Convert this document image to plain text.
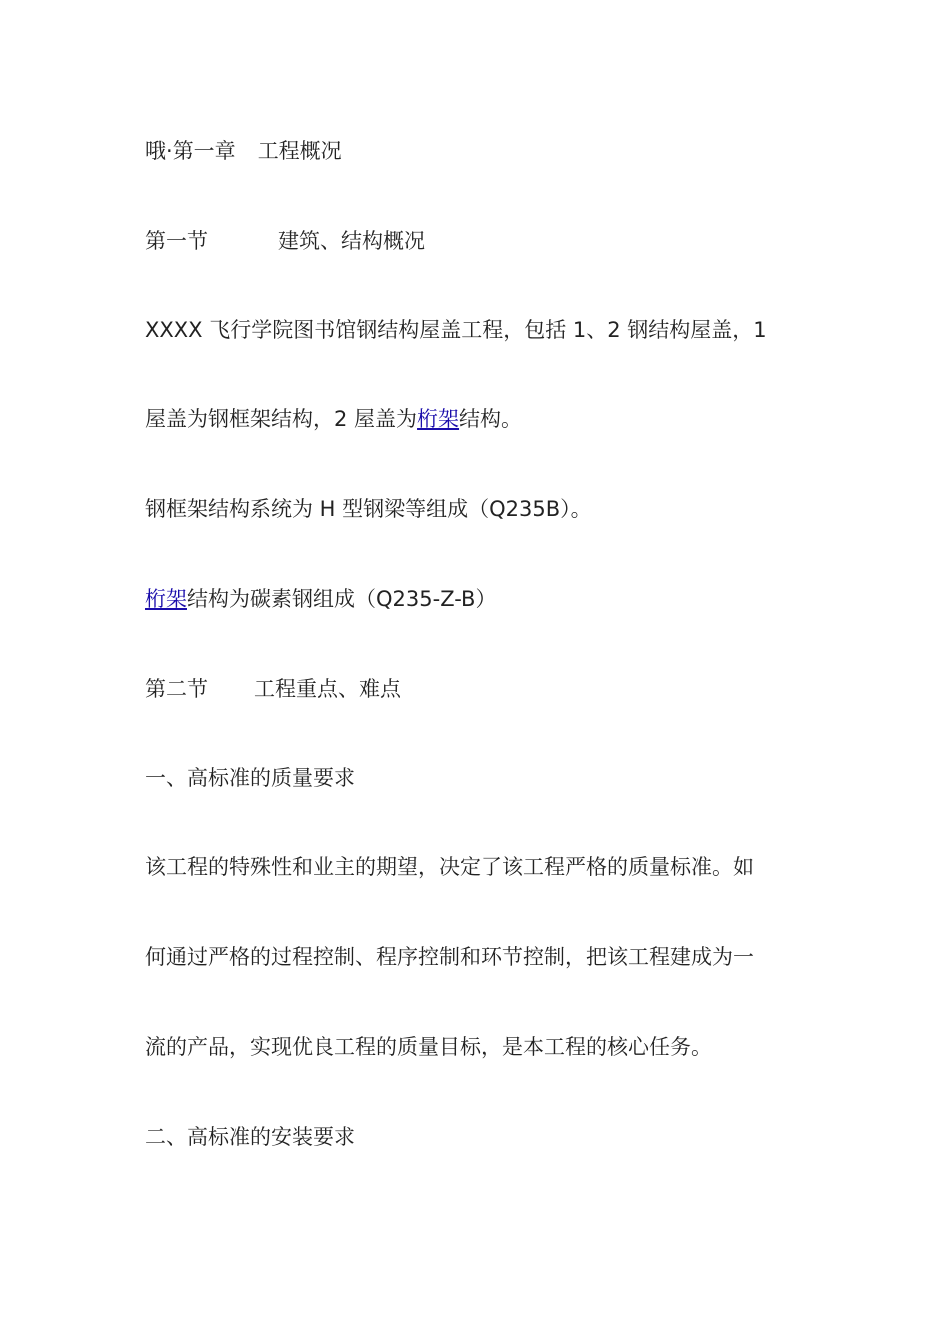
哦·第一章 工程概况
第一节	建筑、结构概况
XXXX 飞行学院图书馆钢结构屋盖工程，包括 1、2 钢结构屋盖，1
屋盖为钢框架结构，2 屋盖为桁架结构。
钢框架结构系统为 H 型钢梁等组成（Q235B）。
桁架结构为碳素钢组成（Q235-Z-B）
第二节 工程重点、难点
一、高标准的质量要求
该工程的特殊性和业主的期望，决定了该工程严格的质量标准。如
何通过严格的过程控制、程序控制和环节控制，把该工程建成为一
流的产品，实现优良工程的质量目标，是本工程的核心任务。
二、高标准的安装要求
